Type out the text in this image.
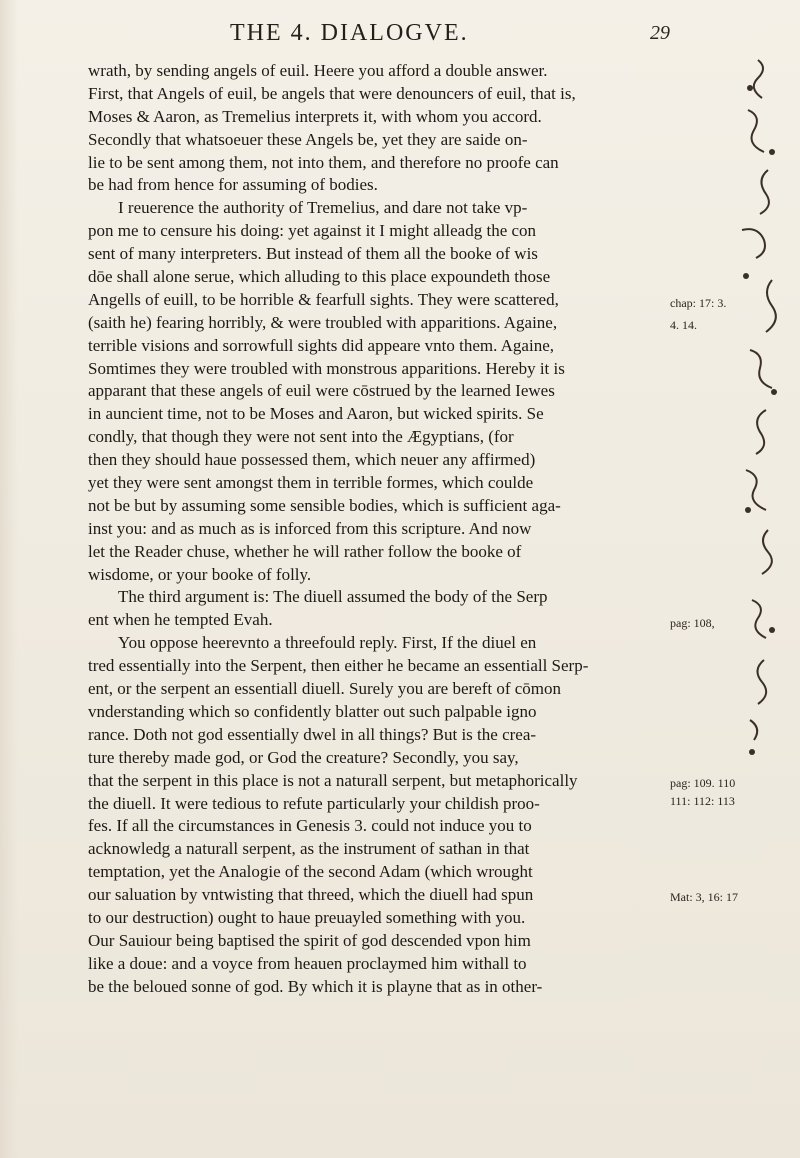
THE 4. DIALOGVE.	29
wrath, by sending angels of euil. Heere you afford a double answer.
First, that Angels of euil, be angels that were denouncers of euil, that is,
Moses & Aaron, as Tremelius interprets it, with whom you accord.
Secondly that whatsoeuer these Angels be, yet they are saide on-
lie to be sent among them, not into them, and therefore no proofe can
be had from hence for assuming of bodies.
I reuerence the authority of Tremelius, and dare not take vp-
pon me to censure his doing: yet against it I might alleadg the con
sent of many interpreters. But instead of them all the booke of wis
dōe shall alone serue, which alluding to this place expoundeth those
Angells of euill, to be horrible & fearfull sights. They were scattered,
(saith he) fearing horribly, & were troubled with apparitions. Againe,
terrible visions and sorrowfull sights did appeare vnto them. Againe,
Somtimes they were troubled with monstrous apparitions. Hereby it is
apparant that these angels of euil were cōstrued by the learned Iewes
in auncient time, not to be Moses and Aaron, but wicked spirits. Se
condly, that though they were not sent into the Ægyptians, (for
then they should haue possessed them, which neuer any affirmed)
yet they were sent amongst them in terrible formes, which coulde
not be but by assuming some sensible bodies, which is sufficient aga-
inst you: and as much as is inforced from this scripture. And now
let the Reader chuse, whether he will rather follow the booke of
wisdome, or your booke of folly.
The third argument is: The diuell assumed the body of the Serp
ent when he tempted Evah.
You oppose heerevnto a threefould reply. First, If the diuel en
tred essentially into the Serpent, then either he became an essentiall Serp-
ent, or the serpent an essentiall diuell. Surely you are bereft of cōmon
vnderstanding which so confidently blatter out such palpable igno
rance. Doth not god essentially dwel in all things? But is the crea-
ture thereby made god, or God the creature? Secondly, you say,
that the serpent in this place is not a naturall serpent, but metaphorically
the diuell. It were tedious to refute particularly your childish proo-
fes. If all the circumstances in Genesis 3. could not induce you to
acknowledg a naturall serpent, as the instrument of sathan in that
temptation, yet the Analogie of the second Adam (which wrought
our saluation by vntwisting that threed, which the diuell had spun
to our destruction) ought to haue preuayled something with you.
Our Sauiour being baptised the spirit of god descended vpon him
like a doue: and a voyce from heauen proclaymed him withall to
be the beloued sonne of god. By which it is playne that as in other-
chap: 17: 3.
4. 14.
pag: 108,
pag: 109. 110
111: 112: 113
Mat: 3, 16: 17
